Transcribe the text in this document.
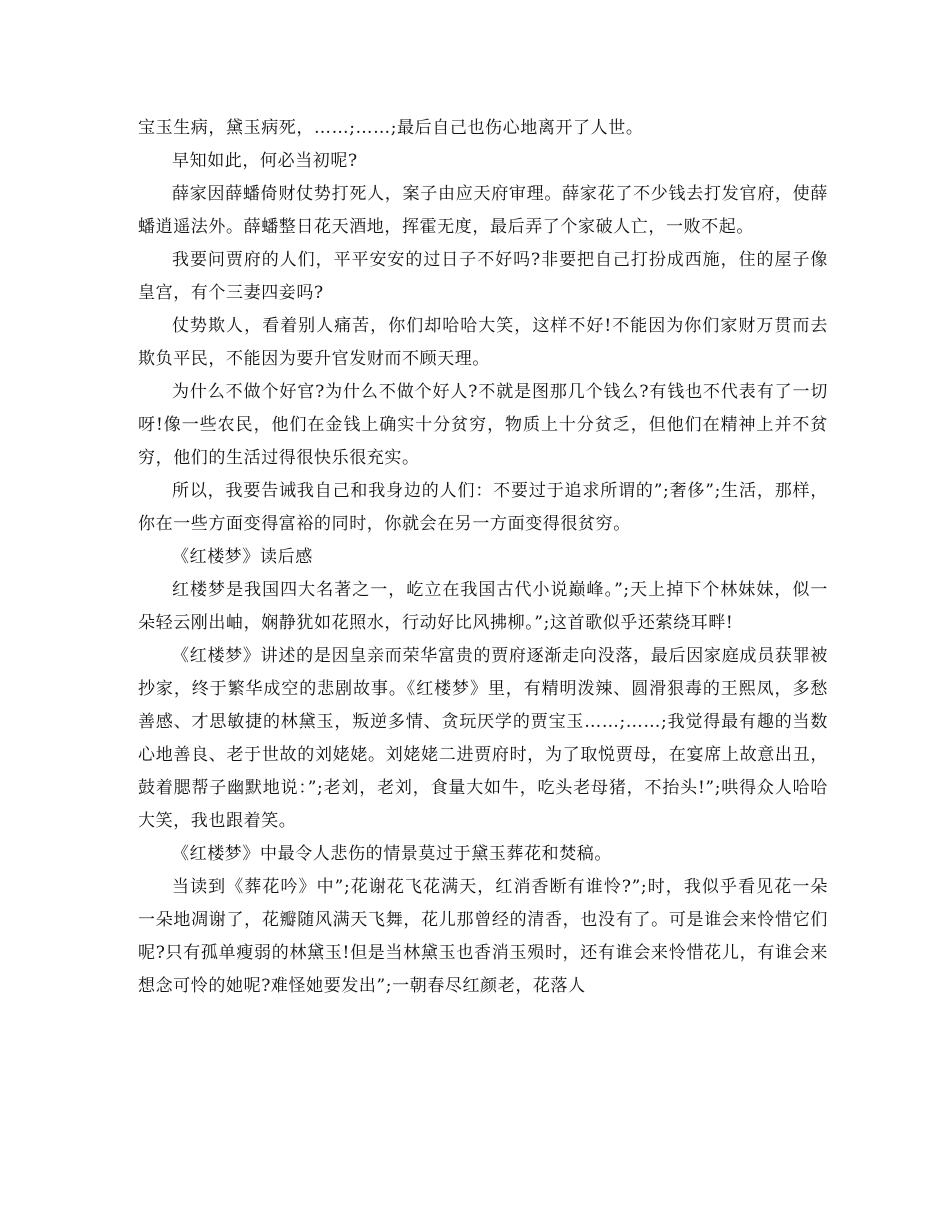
宝玉生病，黛玉病死，……;……;最后自己也伤心地离开了人世。

早知如此，何必当初呢?

薛家因薛蟠倚财仗势打死人，案子由应天府审理。薛家花了不少钱去打发官府，使薛蟠逍遥法外。薛蟠整日花天酒地，挥霍无度，最后弄了个家破人亡，一败不起。

我要问贾府的人们，平平安安的过日子不好吗?非要把自己打扮成西施，住的屋子像皇宫，有个三妻四妾吗?

仗势欺人，看着别人痛苦，你们却哈哈大笑，这样不好!不能因为你们家财万贯而去欺负平民，不能因为要升官发财而不顾天理。

为什么不做个好官?为什么不做个好人?不就是图那几个钱么?有钱也不代表有了一切呀!像一些农民，他们在金钱上确实十分贫穷，物质上十分贫乏，但他们在精神上并不贫穷，他们的生活过得很快乐很充实。

所以，我要告诫我自己和我身边的人们：不要过于追求所谓的”;奢侈”;生活，那样，你在一些方面变得富裕的同时，你就会在另一方面变得很贫穷。

《红楼梦》读后感

红楼梦是我国四大名著之一，屹立在我国古代小说巅峰。”;天上掉下个林妹妹，似一朵轻云刚出岫，娴静犹如花照水，行动好比风拂柳。”;这首歌似乎还萦绕耳畔!

《红楼梦》讲述的是因皇亲而荣华富贵的贾府逐渐走向没落，最后因家庭成员获罪被抄家，终于繁华成空的悲剧故事。《红楼梦》里，有精明泼辣、圆滑狠毒的王熙凤，多愁善感、才思敏捷的林黛玉，叛逆多情、贪玩厌学的贾宝玉……;……;我觉得最有趣的当数心地善良、老于世故的刘姥姥。刘姥姥二进贾府时，为了取悦贾母，在宴席上故意出丑，鼓着腮帮子幽默地说：”;老刘，老刘，食量大如牛，吃头老母猪，不抬头!”;哄得众人哈哈大笑，我也跟着笑。

《红楼梦》中最令人悲伤的情景莫过于黛玉葬花和焚稿。

当读到《葬花吟》中”;花谢花飞花满天，红消香断有谁怜?”;时，我似乎看见花一朵一朵地凋谢了，花瓣随风满天飞舞，花儿那曾经的清香，也没有了。可是谁会来怜惜它们呢?只有孤单瘦弱的林黛玉!但是当林黛玉也香消玉殒时，还有谁会来怜惜花儿，有谁会来想念可怜的她呢?难怪她要发出”;一朝春尽红颜老，花落人
